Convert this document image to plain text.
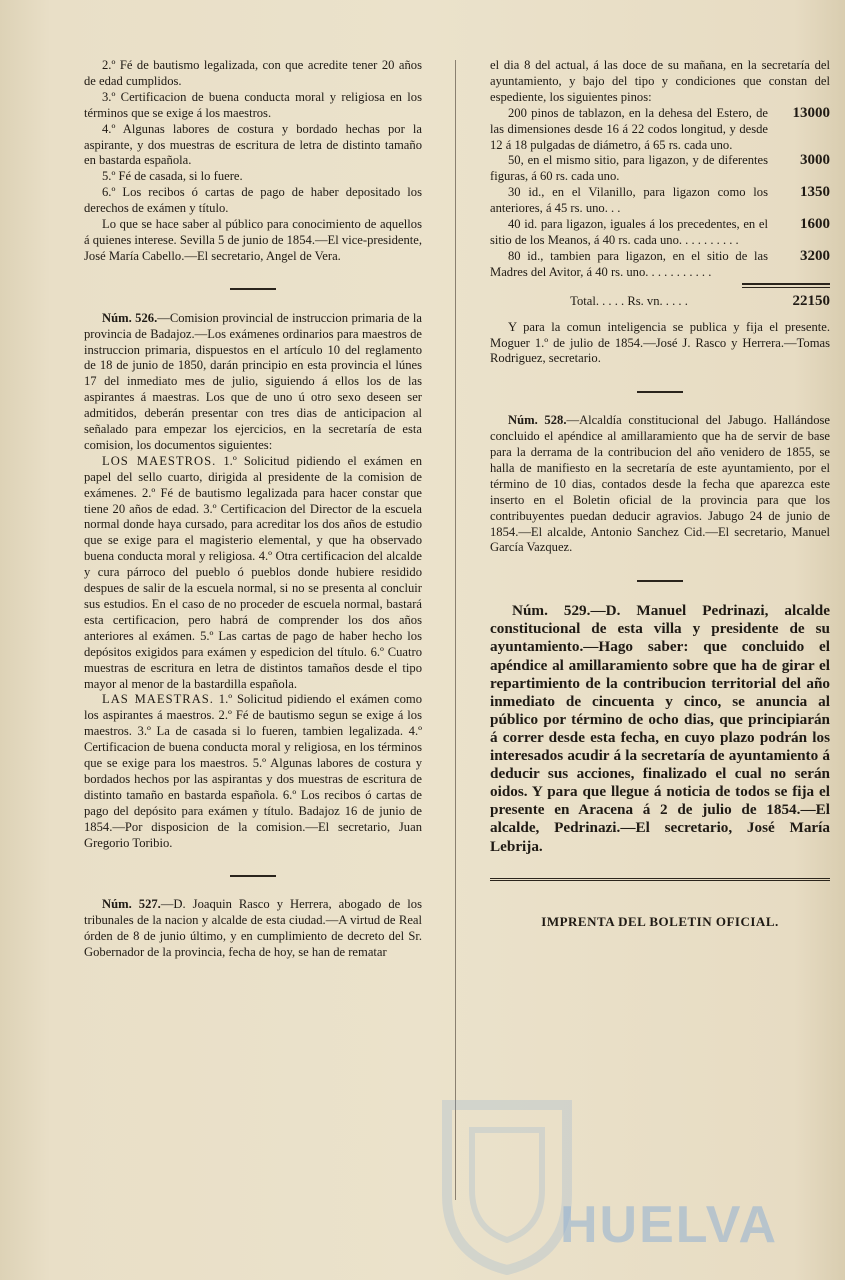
2.º Fé de bautismo legalizada, con que acredite tener 20 años de edad cumplidos.

3.º Certificacion de buena conducta moral y religiosa en los términos que se exige á los maestros.

4.º Algunas labores de costura y bordado hechas por la aspirante, y dos muestras de escritura de letra de distinto tamaño en bastarda española.

5.º Fé de casada, si lo fuere.

6.º Los recibos ó cartas de pago de haber depositado los derechos de exámen y título.

Lo que se hace saber al público para conocimiento de aquellos á quienes interese. Sevilla 5 de junio de 1854.—El vice-presidente, José María Cabello.—El secretario, Angel de Vera.

Núm. 526.—Comision provincial de instruccion primaria de la provincia de Badajoz.—Los exámenes ordinarios para maestros de instruccion primaria, dispuestos en el artículo 10 del reglamento de 18 de junio de 1850, darán principio en esta provincia el lúnes 17 del inmediato mes de julio, siguiendo á ellos los de las aspirantes á maestras. Los que de uno ú otro sexo deseen ser admitidos, deberán presentar con tres dias de anticipacion al señalado para empezar los ejercicios, en la secretaría de esta comision, los documentos siguientes:

LOS MAESTROS. 1.º Solicitud pidiendo el exámen en papel del sello cuarto, dirigida al presidente de la comision de exámenes. 2.º Fé de bautismo legalizada para hacer constar que tiene 20 años de edad. 3.º Certificacion del Director de la escuela normal donde haya cursado, para acreditar los dos años de estudio que se exige para el magisterio elemental, y que ha observado buena conducta moral y religiosa. 4.º Otra certificacion del alcalde y cura párroco del pueblo ó pueblos donde hubiere residido despues de salir de la escuela normal, si no se presenta al concluir sus estudios. En el caso de no proceder de escuela normal, bastará esta certificacion, pero habrá de comprender los dos años anteriores al exámen. 5.º Las cartas de pago de haber hecho los depósitos exigidos para exámen y espedicion del título. 6.º Cuatro muestras de escritura en letra de distintos tamaños desde el tipo mayor al menor de la bastardilla española.

LAS MAESTRAS. 1.º Solicitud pidiendo el exámen como los aspirantes á maestros. 2.º Fé de bautismo segun se exige á los maestros. 3.º La de casada si lo fueren, tambien legalizada. 4.º Certificacion de buena conducta moral y religiosa, en los términos que se exige para los maestros. 5.º Algunas labores de costura y bordados hechos por las aspirantas y dos muestras de escritura de distinto tamaño en bastarda española. 6.º Los recibos ó cartas de pago del depósito para exámen y título. Badajoz 16 de junio de 1854.—Por disposicion de la comision.—El secretario, Juan Gregorio Toribio.

Núm. 527.—D. Joaquin Rasco y Herrera, abogado de los tribunales de la nacion y alcalde de esta ciudad.—A virtud de Real órden de 8 de junio último, y en cumplimiento de decreto del Sr. Gobernador de la provincia, fecha de hoy, se han de rematar

el dia 8 del actual, á las doce de su mañana, en la secretaría del ayuntamiento, y bajo del tipo y condiciones que constan del espediente, los siguientes pinos:

200 pinos de tablazon, en la dehesa del Estero, de las dimensiones desde 16 á 22 codos longitud, y desde 12 á 18 pulgadas de diámetro, á 65 rs. cada uno.

13000

50, en el mismo sitio, para ligazon, y de diferentes figuras, á 60 rs. cada uno.

3000

30 id., en el Vilanillo, para ligazon como los anteriores, á 45 rs. uno. . .

1350

40 id. para ligazon, iguales á los precedentes, en el sitio de los Meanos, á 40 rs. cada uno. . . . . . . . . .

1600

80 id., tambien para ligazon, en el sitio de las Madres del Avitor, á 40 rs. uno. . . . . . . . . . .

3200
Total. . . . . Rs. vn. . . . .	22150

Y para la comun inteligencia se publica y fija el presente. Moguer 1.º de julio de 1854.—José J. Rasco y Herrera.—Tomas Rodriguez, secretario.

Núm. 528.—Alcaldía constitucional del Jabugo. Hallándose concluido el apéndice al amillaramiento que ha de servir de base para la derrama de la contribucion del año venidero de 1855, se halla de manifiesto en la secretaría de este ayuntamiento, por el término de 10 dias, contados desde la fecha que aparezca este inserto en el Boletin oficial de la provincia para que los contribuyentes puedan deducir agravios. Jabugo 24 de junio de 1854.—El alcalde, Antonio Sanchez Cid.—El secretario, Manuel García Vazquez.

Núm. 529.—D. Manuel Pedrinazi, alcalde constitucional de esta villa y presidente de su ayuntamiento.—Hago saber: que concluido el apéndice al amillaramiento sobre que ha de girar el repartimiento de la contribucion territorial del año inmediato de cincuenta y cinco, se anuncia al público por término de ocho dias, que principiarán á correr desde esta fecha, en cuyo plazo podrán los interesados acudir á la secretaría de ayuntamiento á deducir sus acciones, finalizado el cual no serán oidos. Y para que llegue á noticia de todos se fija el presente en Aracena á 2 de julio de 1854.—El alcalde, Pedrinazi.—El secretario, José María Lebrija.

IMPRENTA DEL BOLETIN OFICIAL.
HUELVA
